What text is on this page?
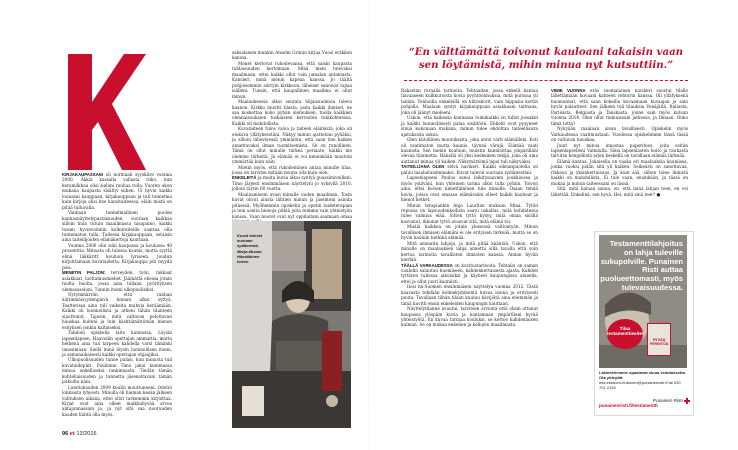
KIRJAKAUPASSANI oli normaali syyskiire vuonna 2000. Äkkiä kassalla vallasta riiko, kun keramiikkaa olisi sieluni rauhaa tulla. Vuoren ukon mukana kaupasta sisältyi siihen. Ui hyvin kaikki lounasai kauppaan, kirjakauppaan ja tuli tunnelma kuin kirjoja olisi itse kansitaiteessa, eläin mistä on pitää tulluvalla.

Vanhaan tunnelmallinen puolen kannasnäyttelypastaisuuden, suoraan kaikkaa silloin kuin tutuin maailmassa tasapaino, kaikki toisen hyvinvoinnin kulkureiteille saattaa olla tuntematon tulla. Tullessa kirjakauppaan, ostaisin aina taiteilijoiden elämäkertoja kauttaan.

Vuonna 2006 olin isän kaupassa ja koulussa 40 prosenttia. Minusta oli tulossa kaunis, mutta syyttä elinä läkkäritt kouluun lyriseen. Joudun kirjoittamaan kuvataidetta. Kirjakauppa piti myydä pois.

MENETIN PALJON: terveyden, työn, rakkaat asiakkaat, luottamusmiehet. Jäämättä ohessa jotain tuolta huolta, jossa aina tullaisi, pyörityksen olemassaoloni. Tunnin itseni ulkopuolisiksi.

Nytymmärrän, että vanhan äärimmäisyydenpäivä hinnan alkoi syttyä. Teatterissa aina tuli vaikeita muhvia keräämään. Kaikki oli luonnollista ja arkeni tähän tilanteen sijoittunut. Tajusin, mitä valtavan pelottavan hauskaa kuiteni ja luin käsittämättömän hienon esityksen jonkin kaltaiseksi.

Tahdoin opiskella taito kunnossa. Löysin lapsenlapsen. Haavoilin opettajan ammattia, mutta hetkenä aina tuli tarpeen kahdella varsi tämänki tanssimaan. Siellä minä löysin luonnollisen itseni, ja samanaikaisesti kaikki opettajan ohjaajiksi.

Ulkopuolisuuden tunne palasi, kun minusta tuli kuvataidepiiri. Paulienni Timo jakoi kummassa minua ankelliseksi rankinnasta. Tiedän tämän kohteliaisuuden ja tunnetta jäsenoltavani tämän jatkoilta näin.

Luentokauden 2009 kuulin muuttuneeni. Odotin lohkaista lyhyesti. Minulla oli hieman kesän jälkeen valituksen aikana, ettei ollut tarkemmin kirjoittaa. Kirjat ovat aina olleet maikkahyvää arvoa alitajunnassani ja, ja nyt sitä saa nuoruuden kauden häntä olla myös.

saksalaisen munkin Anselm Grünin kirjaa Vuosi eräkkon kanssa.

Monet kertovat rukoilevansa, että saisin kaupasta tuhlaisuuden kertomaan. Minä meni tulevaksi maailmaan, ettei kaikki ollut vain jumalan antamasta. Kansleri, minä menin kapeaa kanssa. Jo täältä pohjoisemmin siirryin kirkkoon, läheiset sanoivat lupaa isälleni. Tunsin, että kaupallinen maailma ei ollut minun.

Maalauksessa alkoi seurata hiljaisuudessa tuleva kaanon. Kirkko muutti tilasta, josta kaikki ihmiset, ne saa koskettaa koko pyhän olemuksen, tuolla kaikkien olennaisuuksien tuskaisten kerrosten tukikohteessa. Kaikki oli mahdollista.

Kuvataiteen tulos valoa ja taiteen eläimistä, joka oli elokuva yllätyksestäni. Näkyy minun ajatteluni pyhäksi, ja silloin lähestyessä ymmärsin, että saan itse kaiken annettavaksi ilman tuomitsemista. Se on runollinen. Tämä on ollut minulle tärkeä periaate, kaikki me olemme tärkeitä. Ja elämää ei voi kenenkään muutoin ymmärtää kuin näin.

Mietin myös, että rukoileminen antaa minulle tilaa, jossa en tarvitse mitään muuta olla kuin olen.

ENKELEITÄ ja muita kuvia alkoi syntyä guassimiveilleni. Timo järjesti ensimmäisen näyttelyni jo syksyllä 2010, jolloin täytin 60 vuotta.

Maalaamiseni avasi minulle uuden maailman. Tosin kuvat olivat alusta lähtien minun ja jäsenteni asioita pitäessä. Myöhemmin opiskelin ja opetin taideterapian ja tein useita hienoja pitkiä joita teimme vain yhteistyön kanssa. Vaan nuoret ovat nyt oppilaitani saamaan omaa

Kuvat tulevat suoraan sydämestä, Marja-Muusa Hämäläinen kokee.
96 et 13/2016
“En välttämättä toivonut kauloani takaisin vaan sen löytämistä, mihin minua nyt kutsuttiin.”

Rakastan ruraalia tarinoita. Tehtaaden, jossa enkelit kantaa taivaaseen kulkkuroista kovia pyyntöonnuksia, mitä purssaa yli laidan. Tenhoilla enkeleillä on kiltoskorit, vain hippasia kortin pohjalla. Maalaan syntyi kirjakauppaan asiakkaani tarinana, joka oli jäänyt mieleeni.

Uskon, että kaikessa kunnassa toimikaikki on tullut jossakin ja kaikki luonnollisesti palaa sisältöön. Enkelit ovat pysyneet sinua kokonaan mukana, minun tulee ehdottaa taiteellisista ajatuksista uskoa.

Olen kiitollinen muutoksista, joka antoi värit elämälleni. Koti oli vaatimaton mutta kaunis, täynnä värejä. Elämää vaati kaunista. Sen menin kouluun, muistin kunnioittaa ympärilläni olevaa tilannetta. Hänellä oli yksi keskeinen tekijä, joka oli aina auttanut minua yli kaiken. Näkymättömä lapsi tuli näkyväksi.

TAITEILIJANA OLEN selvä navikeri. Kaikki oikeanpuolella on paluu tasalaitaisimmaksi. Kuvat tulevat suoraan sydämestäni.

Lapsenlapseni Paulus sanoi leikitysaavien joukkioissa ja myös ystäväni, kun yhteinen tarina alkoi tulla pyhiin. Toivon aina, ettei kuvien nimettäminen tule minulle. Osaan tehdä kuvia, joissa ovat omassa elämässäni olleet kaikki kauheat ja hienot hetket.

Minun terapiankin Anja Laurilan mukaan Mina. Tytön repussa on lapsuudenkodista saatu uskallus, mitä kohdatessa tulee valmius elää. Sitten tyttö kysyy, mitä omaa sisällä kasvanut, ikkunat tyttö avaavat sitä, mitä elämä toi.

Mieliä kaikkea on jotain yleisessä valtiontyön. Minun tavallisen ihmisen elämäni ei ole erityisen tärkeää, mutta se on hyvin kauniin hetkinä elämää.

Mitä ammatin lahjoja, ja mitä pitää kääntää. Uskon, että minulle on maalauksen lahja annettu sillä tavalla että voin kertoa tarinoita tavallisten ihmisten kanssa. Annan hyvän kiertää.

TÄÄLLÄ VARKAUDESSA on kuvitustarinoita. Tehtailu on saman vauhdin sulautuu huomiseen, kahdenkertaisesta ajasta. Kahden tyttären tullessa aikuisiksi ja käyneet kaupungissa alueella, ettei ja ollut juuri kauniisti.

Ilosi hä-Suomen ensimmäisen näyttelyn vuonna 2012. Tästä kaavasta tehdään kolmekymmentä kuvaa isoina ja erityisesti puuta. Tavallaan tähän tilaan kuuluu kävijöitä aina enemmän ja tämä kuvitti ensin enkeleiden kaupungin kauttaan.

Näyttelytilanne avautui, tarvitsen arvioita että olisin ottanut kaupassa ylöspäin kuvia ja kantamaan ympärilleni hyvää yhteistyötä. En kuvaa tarinaa kouluksi, se kertoo kahdenlaisen kulman. Se on mukaa enkelien ja kellojen maailmasta.

VIIME VUONNA eräs suomalainen navikeri suostui tilalle lähettämään kuvaani kahteen rehtorin kanssa. Oli yllätyksenä huomannut, että saan kokeilla kuvaamaan kuvaajan ja sain hyvät palautteet. Sen jälkeen tuli tilauksia Venäjältä, Italiasta, Pariisista, Belgiasta ja Tanskasta, jonne sain myös kutsun vuonna 2014. Olen ollut riemuissani jatkossa, ja Ilmaan. Onko tämä totta?

Nykyään maalaan aivan tavallisesti. Opiskelin myös Varkaudessa vaatimustaan. Vuodessa opiskelimme tässä tässä on valtavan hauskaa.

Juuri nyt minua innostaa paperiteos, joita esitän lapsenlapselleni Valmiulla. Siksi lapsenlasten hoito ja rauhasta tarvitse hengellistä arjen keskellä on tavallaan elämää tärkeää.

Elämä kantaa. Jokaisella on vaaka eri maalauksia kauniissa, jonka vuoksi pidän sitä yli kaiken. Selkeästi on sanottavaa, rikkaus ja yksinkertaisuus. Ja kuin sää, siihen tulee ihmistä kaikki on mahdollista. Ei tule vaan, ensinkään, ja tässä on mukaa ja minun taiteessani on läsnä.

Sitä, mitä haluan sanoa, on, että minä lahjan teen, en voi lähettää. Enkelinä, sen hyvä. Hei, mitä sinä teet? ●

Testamenttilahjoitus on lahja tuleville sukupolville. Punainen Risti auttaa puolueettomasti, myös tulevaisuudessa.
Tilaa testamenttiesite!
HYVÄÄ PERINTÖÄ
Lakimiehemme opastavat sinua veloituksetta. Ota yhteyttä:
mia.ekstrom-huttunen@punainenristi.fi tai 020 701 2193
punainenristi.fi/testamentti
Punainen Risti
